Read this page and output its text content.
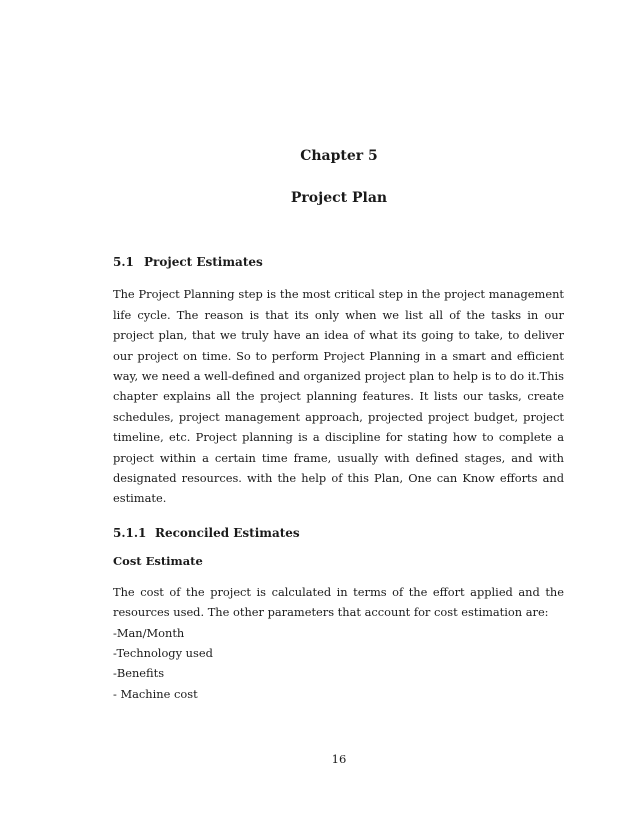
Chapter 5
Project Plan
5.1 Project Estimates

The Project Planning step is the most critical step in the project management life cycle. The reason is that its only when we list all of the tasks in our project plan, that we truly have an idea of what its going to take, to deliver our project on time. So to perform Project Planning in a smart and efficient way, we need a well-defined and organized project plan to help is to do it.This chapter explains all the project planning features. It lists our tasks, create schedules, project management approach, projected project budget, project timeline, etc. Project planning is a discipline for stating how to complete a project within a certain time frame, usually with defined stages, and with designated resources. with the help of this Plan, One can Know efforts and estimate.

5.1.1 Reconciled Estimates
Cost Estimate

The cost of the project is calculated in terms of the effort applied and the resources used. The other parameters that account for cost estimation are:

-Man/Month
-Technology used
-Benefits
- Machine cost
16
